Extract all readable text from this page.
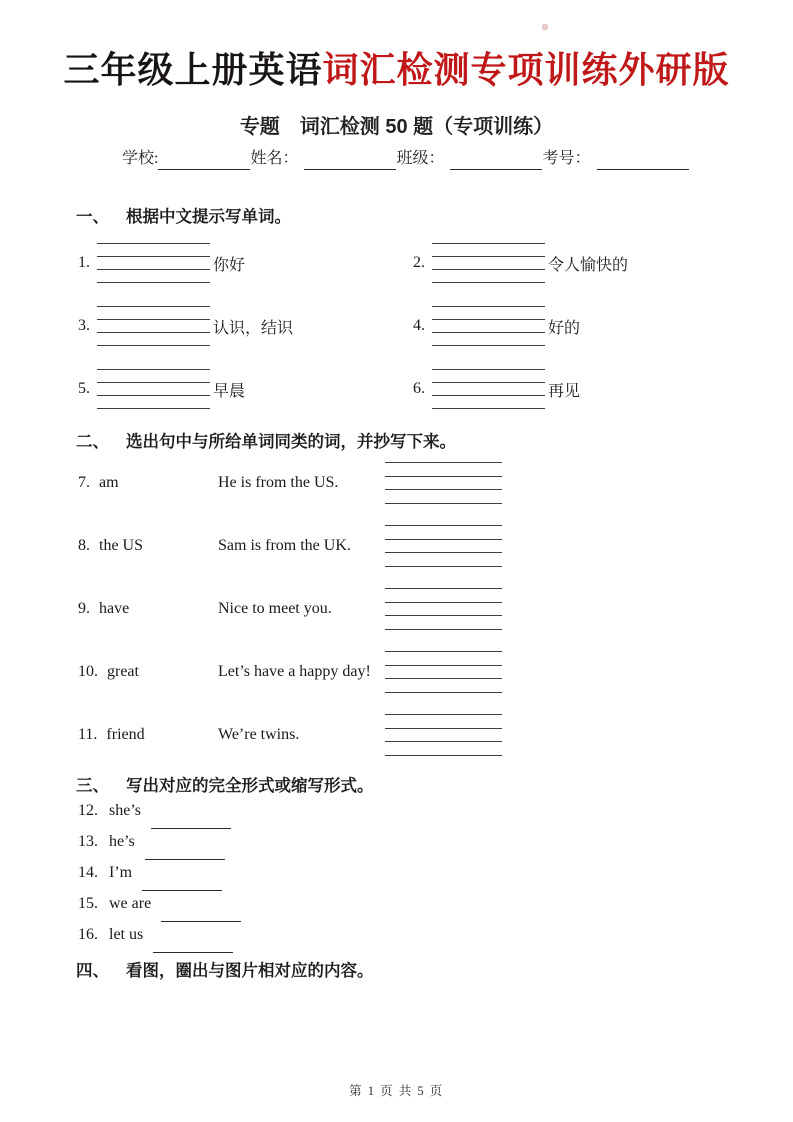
三年级上册英语词汇检测专项训练外研版
专题　词汇检测 50 题（专项训练）
学校:	姓名：	班级：	考号：
一、 根据中文提示写单词。
1.	你好	2.	令人愉快的
3.	认识，结识	4.	好的
5.	早晨	6.	再见
二、 选出句中与所给单词同类的词，并抄写下来。
7. am	He is from the US.
8. the US	Sam is from the UK.
9. have	Nice to meet you.
10. great	Let’s have a happy day!
11. friend	We’re twins.
三、 写出对应的完全形式或缩写形式。
12. she’s
13. he’s
14. I’m
15. we are
16. let us
四、 看图，圈出与图片相对应的内容。
第 1 页 共 5 页
